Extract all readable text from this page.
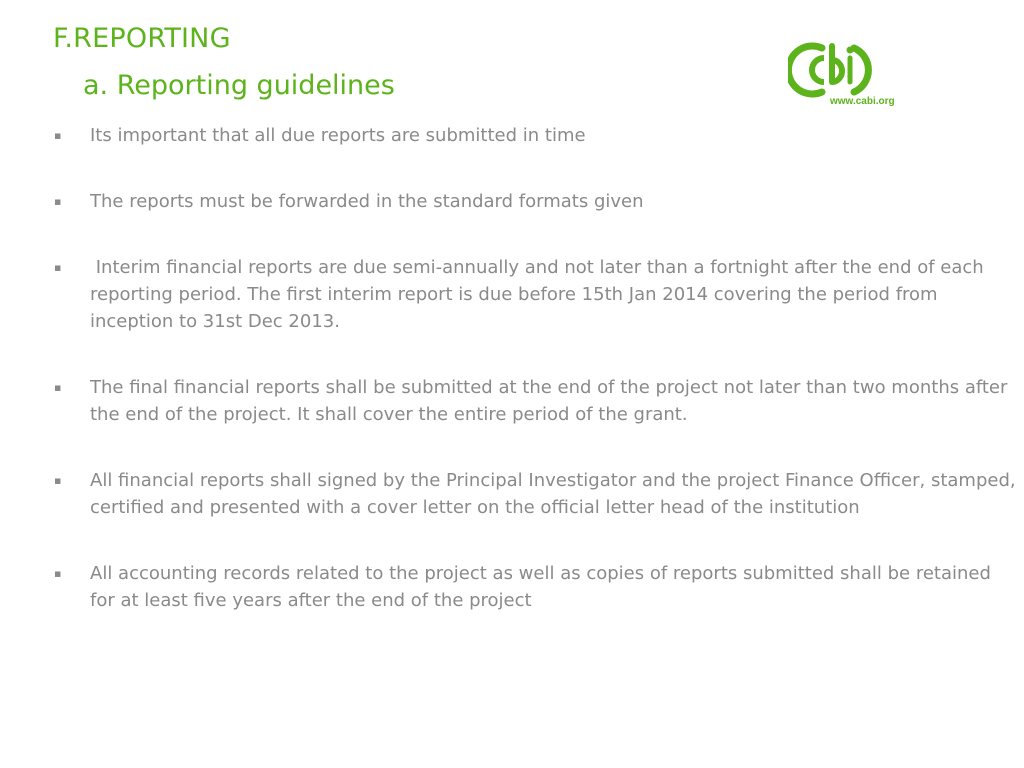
F.REPORTING
a. Reporting guidelines
www.cabi.org
▪ Its important that all due reports are submitted in time
▪ The reports must be forwarded in the standard formats given
▪ Interim financial reports are due semi-annually and not later than a fortnight after the end of each reporting period. The first interim report is due before 15th Jan 2014 covering the period from inception to 31st Dec 2013.
▪ The final financial reports shall be submitted at the end of the project not later than two months after the end of the project. It shall cover the entire period of the grant.
▪ All financial reports shall signed by the Principal Investigator and the project Finance Officer, stamped, certified and presented with a cover letter on the official letter head of the institution
▪ All accounting records related to the project as well as copies of reports submitted shall be retained for at least five years after the end of the project
